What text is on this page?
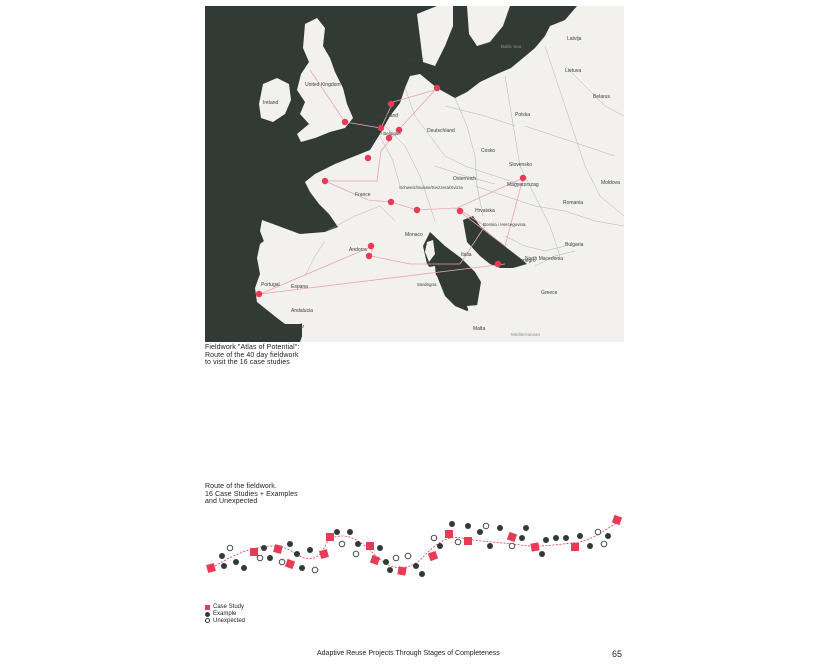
United Kingdom
Ireland
Danmark
Baltic Sea
Latvija
Lietuva
Nederland
Belgie / Belgique	Deutschland
Polska
Belarus
France
Schweiz/Suisse/Svizzera/Svizra
Osterreich
Cesko
Slovensko
Magyarorszag
Romania
Moldova
Bosnia i Hercegovina
Hrvatska
Monaco
Montenegro
North Macedonia
Bulgaria
Greece
Andorra
Portugal Espana
Andalucia
Gibraltar	Malta
Mediterranean
Sardegna
Italia
Fieldwork "Atlas of Potential":
Route of the 40 day fieldwork
to visit the 16 case studies
Route of the fieldwork.
16 Case Studies + Examples
and Unexpected
Case Study
Example
Unexpected
Adaptive Reuse Projects Through Stages of Completeness	65
